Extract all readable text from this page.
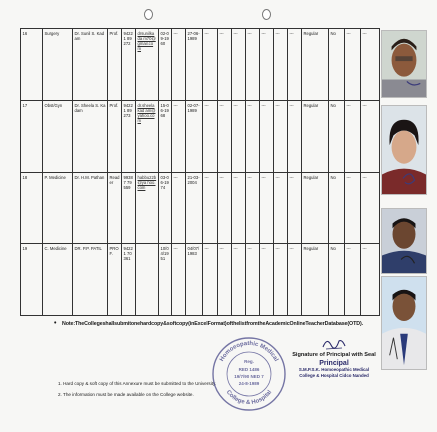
16	Surgery	Dr. Sunil S. Kadam	Prof.	94221 89272	drsunilkada m70@gmail.com	02-09-1960	---	27-06-1989	---	---	---	---	---	---	---	Regular	No	---	---
17	Obst/Gyn	Dr. Sheela S. Kadam	Prof.	94221 89273	dr.sheelakad am@yahoo.com	15-06-1968	---	02-07-1989	---	---	---	---	---	---	---	Regular	No	---	---
18	P. Medicine	Dr. H.M. Pathan	Reader	99387 79559	habbu22b@ya hoo.com	03-06-1974	---	21-03-2004	---	---	---	---	---	---	---	Regular	No	---	---
19	C. Medicine	DR. P.P. PATIL	PROF.	94221 70361		10/04/1951	---	04/07/1983	---	---	---	---	---	---	---	Regular	No	---	---
• Note:TheCollegeshallsubmitonehardcopy&softcopy(inExcelFormat)ofthelistfromtheAcademicOnlineTeacherDatabase(OTD).
1. Hard copy & soft copy of this Annexure must be submitted to the University.
2. The information must be made available on the College website.
Homoeopathic Medical
College & Hospital
Reg.
RED 1486
19/7/90 NED 7
24-8-1989
Signature of Principal with Seal
Principal
S.M.P.S.K. Homoeopathic Medical
College & Hospital Cidco Nanded
